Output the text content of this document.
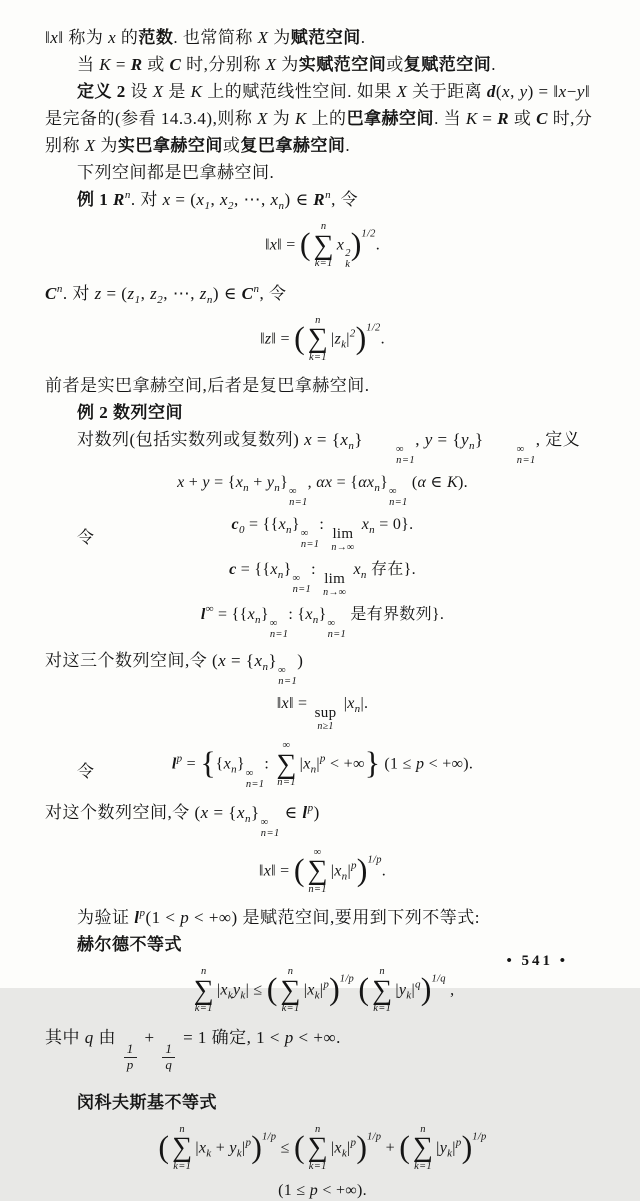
‖x‖ 称为 x 的范数. 也常简称 X 为赋范空间.
当 K = R 或 C 时,分别称 X 为实赋范空间或复赋范空间.
定义 2 设 X 是 K 上的赋范线性空间. 如果 X 关于距离 d(x, y) = ‖x−y‖
是完备的(参看 14.3.4),则称 X 为 K 上的巴拿赫空间. 当 K = R 或 C 时,分
别称 X 为实巴拿赫空间或复巴拿赫空间.
下列空间都是巴拿赫空间.
例 1 $R^n$. 对 $x = (x_1$, $x_2$, ⋯, $x_n$) ∈ $R^n$, 令
‖x‖ = ( n
∑
k=1
x
2
k
)$^{1/2}$.
$C^n$. 对 $z = (z_1$, $z_2$, ⋯, $z_n$) ∈ $C^n$, 令
‖z‖ = ( n
∑
k=1
$|z_k|^2)^{1/2}$.
前者是实巴拿赫空间,后者是复巴拿赫空间.
例 2 数列空间
对数列(包括实数列或复数列) $x = \{x_n\}$
∞
n=1
, $y = \{y_n\}$
∞
n=1
, 定义
$x + y = \{x_n + y_n\}$
∞
n=1
, $\alpha x = \{\alpha x_n\}$
∞
n=1
(α ∈ K).
令
$c_0 = \{\{x_n\}$
∞
n=1
:
lim
n→∞
$x_n = 0$}.
$c = \{\{x_n\}$
∞
n=1
:
lim
n→∞
$x_n$ 存在}.
$l^\infty = \{\{x_n\}$
∞
n=1
: $\{x_n\}$
∞
n=1
是有界数列}.
对这三个数列空间,令 ($x = \{x_n\}$
∞
n=1
)
‖x‖ =
sup
n≥1
$|x_n|$.
令	$l^p = \{\{x_n\}$
∞
n=1
:
∞
∑
n=1
$|x_n|^p$ < +∞} (1 ≤ p < +∞).
对这个数列空间,令 ($x = \{x_n\}$
∞
n=1
∈ $l^p$)
‖x‖ = ( ∞
∑
n=1
$|x_n|^p)^{1/p}$.
为验证 $l^p(1 < p$ < +∞) 是赋范空间,要用到下列不等式:
赫尔德不等式
n
∑
k=1
$|x_ky_k|$ ≤ ( n
∑
k=1
$|x_k|^p)^{1/p}$ ( n
∑
k=1
$|y_k|^q)^{1/q}$ ,
其中 q 由
$\frac{1}{p}$
+
$\frac{1}{q}$
= 1 确定, 1 < p < +∞.
闵科夫斯基不等式
( n
∑
k=1
$|x_k + y_k|^p)^{1/p}$ ≤ ( n
∑
k=1
$|x_k|^p)^{1/p}$ + ( n
∑
k=1
$|y_k|^p)^{1/p}$
(1 ≤ p < +∞).
• 541 •
